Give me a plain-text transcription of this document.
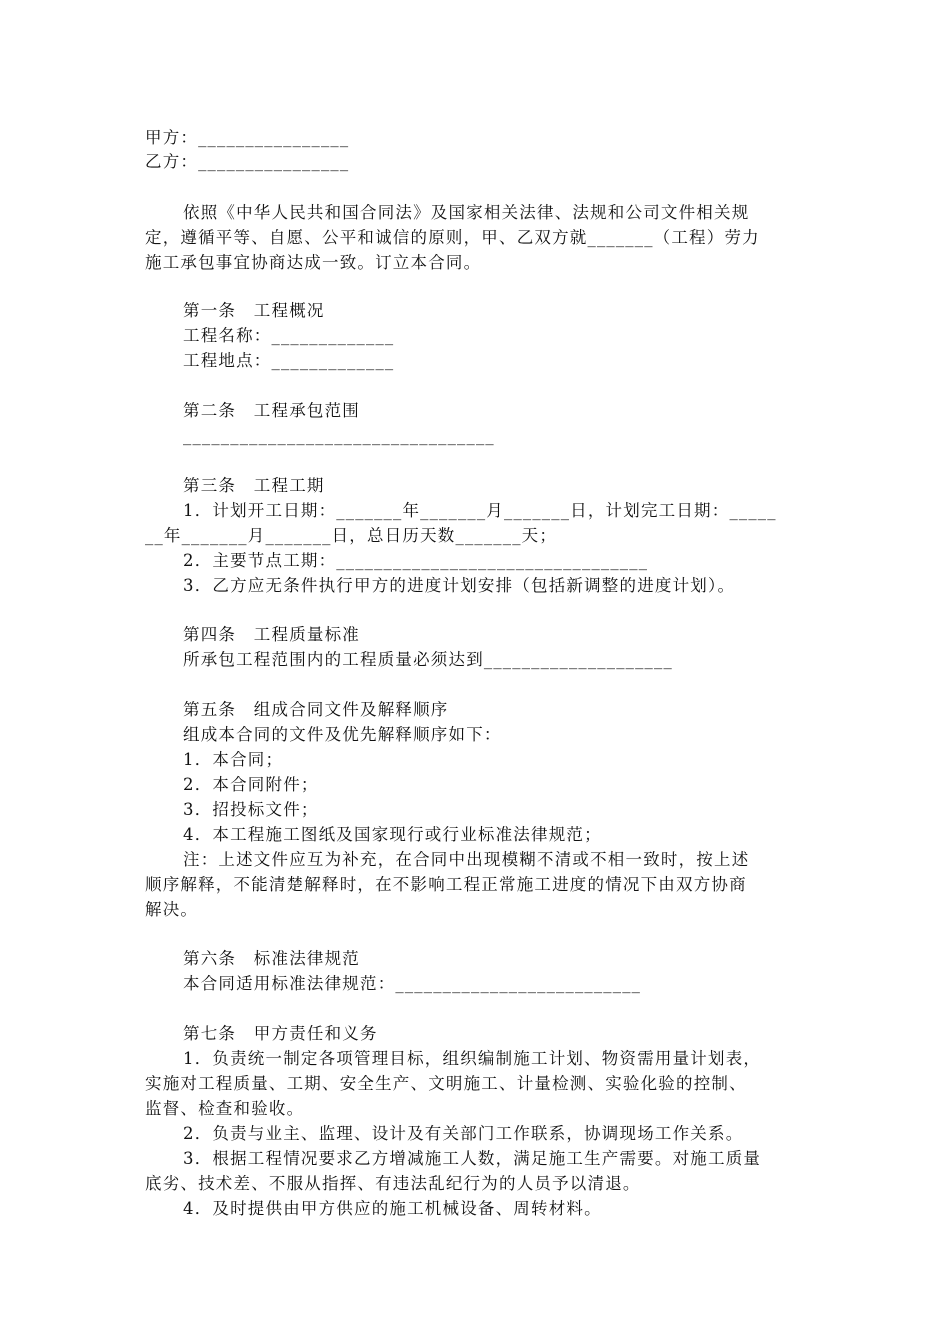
甲方：________________
乙方：________________
依照《中华人民共和国合同法》及国家相关法律、法规和公司文件相关规
定，遵循平等、自愿、公平和诚信的原则，甲、乙双方就_______（工程）劳力
施工承包事宜协商达成一致。订立本合同。
第一条　工程概况
工程名称：_____________
工程地点：_____________
第二条　工程承包范围
_________________________________
第三条　工程工期
1．计划开工日期：_______年_______月_______日，计划完工日期：_____
__年_______月_______日，总日历天数_______天；
2．主要节点工期：_________________________________
3．乙方应无条件执行甲方的进度计划安排（包括新调整的进度计划）。
第四条　工程质量标准
所承包工程范围内的工程质量必须达到____________________
第五条　组成合同文件及解释顺序
组成本合同的文件及优先解释顺序如下：
1．本合同；
2．本合同附件；
3．招投标文件；
4．本工程施工图纸及国家现行或行业标准法律规范；
注：上述文件应互为补充，在合同中出现模糊不清或不相一致时，按上述
顺序解释，不能清楚解释时，在不影响工程正常施工进度的情况下由双方协商
解决。
第六条　标准法律规范
本合同适用标准法律规范：__________________________
第七条　甲方责任和义务
1．负责统一制定各项管理目标，组织编制施工计划、物资需用量计划表，
实施对工程质量、工期、安全生产、文明施工、计量检测、实验化验的控制、
监督、检查和验收。
2．负责与业主、监理、设计及有关部门工作联系，协调现场工作关系。
3．根据工程情况要求乙方增减施工人数，满足施工生产需要。对施工质量
底劣、技术差、不服从指挥、有违法乱纪行为的人员予以清退。
4．及时提供由甲方供应的施工机械设备、周转材料。
